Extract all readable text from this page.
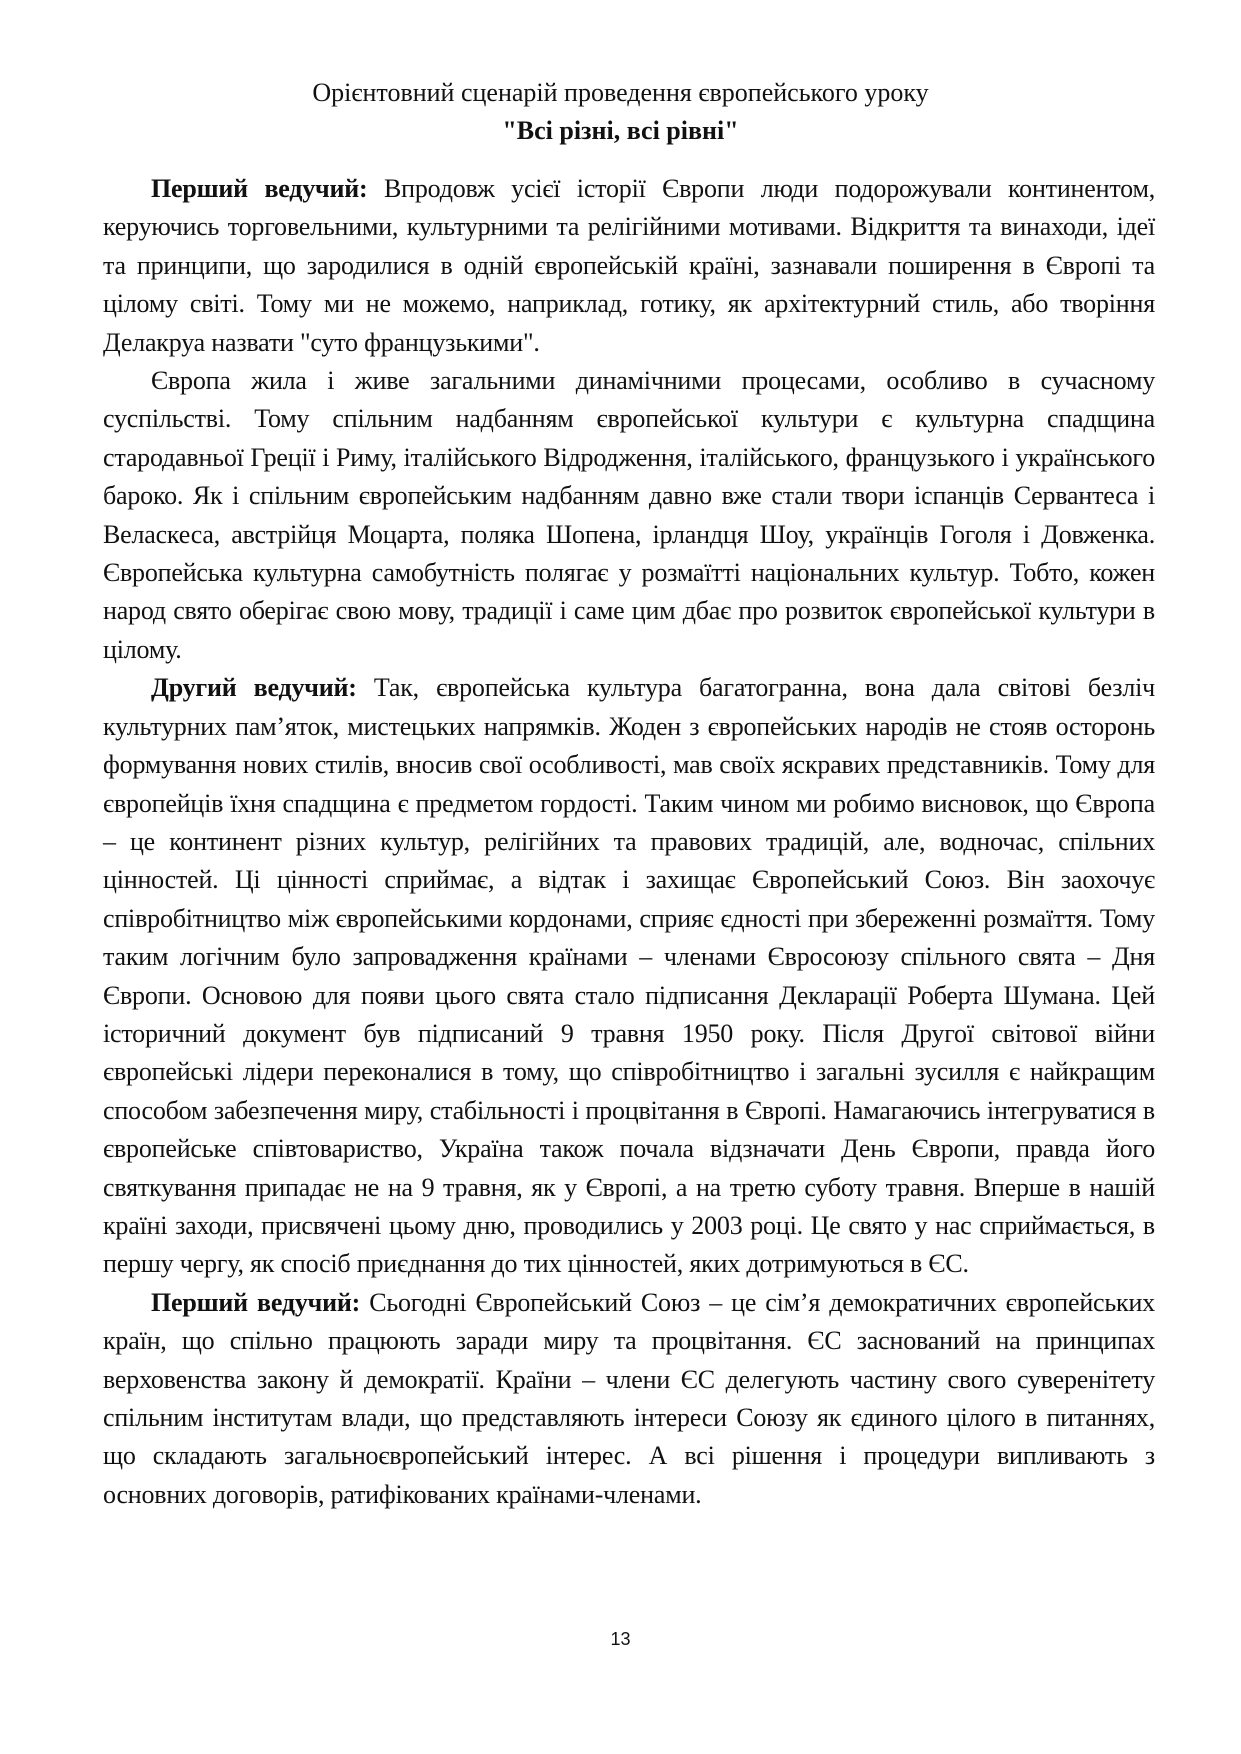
Орієнтовний сценарій проведення європейського уроку

"Всі різні, всі рівні"

Перший ведучий: Впродовж усієї історії Європи люди подорожували континентом, керуючись торговельними, культурними та релігійними мотивами. Відкриття та винаходи, ідеї та принципи, що зародилися в одній європейській країні, зазнавали поширення в Європі та цілому світі. Тому ми не можемо, наприклад, готику, як архітектурний стиль, або творіння Делакруа назвати "суто французькими".

Європа жила і живе загальними динамічними процесами, особливо в сучасному суспільстві. Тому спільним надбанням європейської культури є культурна спадщина стародавньої Греції і Риму, італійського Відродження, італійського, французького і українського бароко. Як і спільним європейським надбанням давно вже стали твори іспанців Сервантеса і Веласкеса, австрійця Моцарта, поляка Шопена, ірландця Шоу, українців Гоголя і Довженка. Європейська культурна самобутність полягає у розмаїтті національних культур. Тобто, кожен народ свято оберігає свою мову, традиції і саме цим дбає про розвиток європейської культури в цілому.

Другий ведучий: Так, європейська культура багатогранна, вона дала світові безліч культурних пам’яток, мистецьких напрямків. Жоден з європейських народів не стояв осторонь формування нових стилів, вносив свої особливості, мав своїх яскравих представників. Тому для європейців їхня спадщина є предметом гордості. Таким чином ми робимо висновок, що Європа – це континент різних культур, релігійних та правових традицій, але, водночас, спільних цінностей. Ці цінності сприймає, а відтак і захищає Європейський Союз. Він заохочує співробітництво між європейськими кордонами, сприяє єдності при збереженні розмаїття. Тому таким логічним було запровадження країнами – членами Євросоюзу спільного свята – Дня Європи. Основою для появи цього свята стало підписання Декларації Роберта Шумана. Цей історичний документ був підписаний 9 травня 1950 року. Після Другої світової війни європейські лідери переконалися в тому, що співробітництво і загальні зусилля є найкращим способом забезпечення миру, стабільності і процвітання в Європі. Намагаючись інтегруватися в європейське співтовариство, Україна також почала відзначати День Європи, правда його святкування припадає не на 9 травня, як у Європі, а на третю суботу травня. Вперше в нашій країні заходи, присвячені цьому дню, проводились у 2003 році. Це свято у нас сприймається, в першу чергу, як спосіб приєднання до тих цінностей, яких дотримуються в ЄС.

Перший ведучий: Сьогодні Європейський Союз – це сім’я демократичних європейських країн, що спільно працюють заради миру та процвітання. ЄС заснований на принципах верховенства закону й демократії. Країни – члени ЄС делегують частину свого суверенітету спільним інститутам влади, що представляють інтереси Союзу як єдиного цілого в питаннях, що складають загальноєвропейський інтерес. А всі рішення і процедури випливають з основних договорів, ратифікованих країнами-членами.

13
